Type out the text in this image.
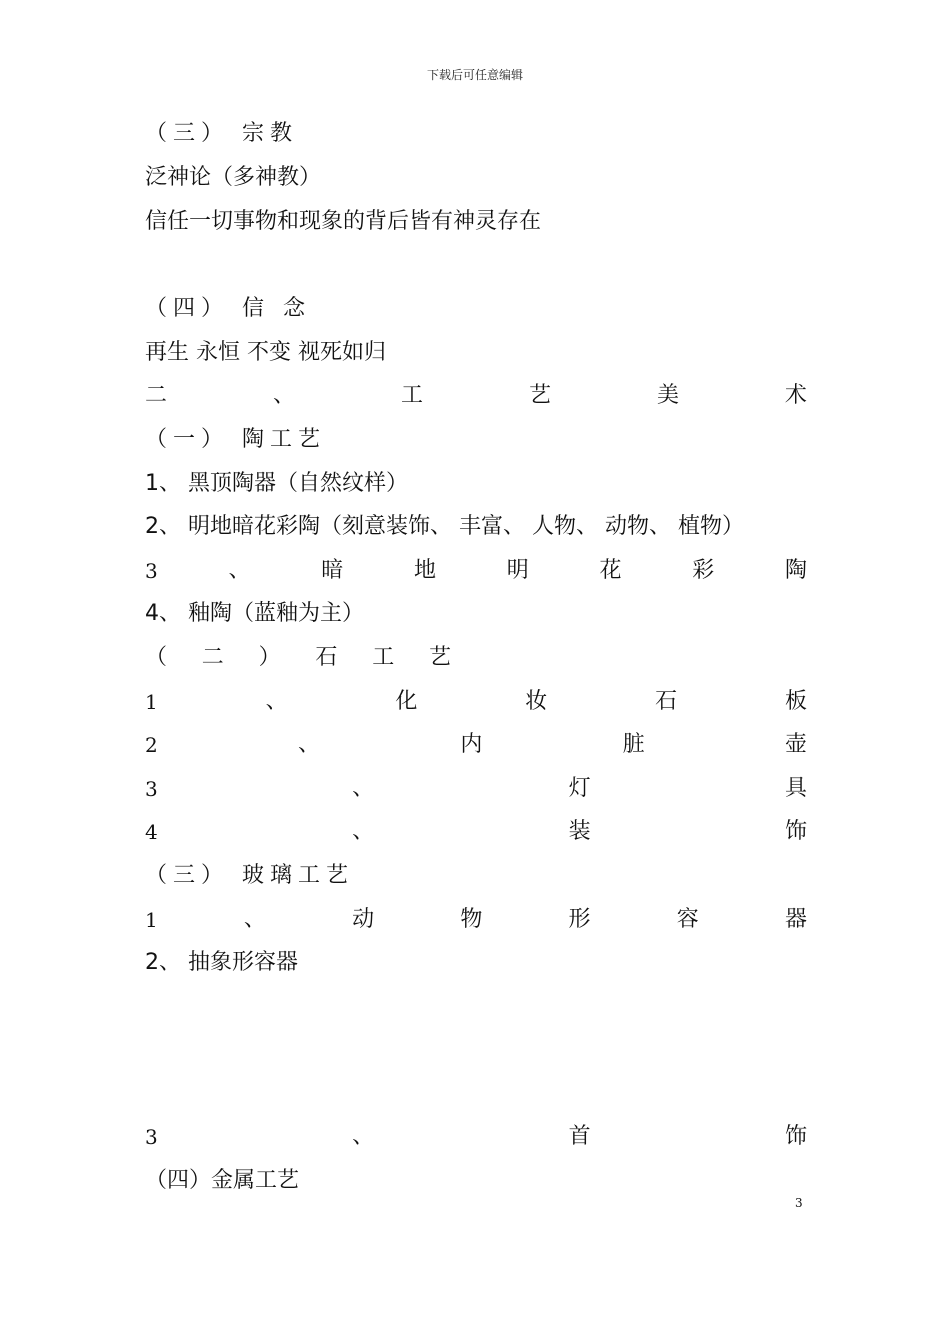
下载后可任意编辑
（三） 宗教
泛神论（多神教）
信任一切事物和现象的背后皆有神灵存在
（四） 信 念
再生 永恒 不变 视死如归
二	、	工	艺	美	术
（一） 陶工艺
1、 黑顶陶器（自然纹样）
2、 明地暗花彩陶（刻意装饰、 丰富、 人物、 动物、 植物）
3	、	暗	地	明	花	彩	陶
4、 釉陶（蓝釉为主）
（ 二 ） 石 工 艺
1	、	化	妆	石	板
2	、	内	脏	壶
3	、	灯	具
4	、	装	饰
（三） 玻璃工艺
1	、	动	物	形	容	器
2、 抽象形容器
3	、	首	饰
（四）金属工艺
3
